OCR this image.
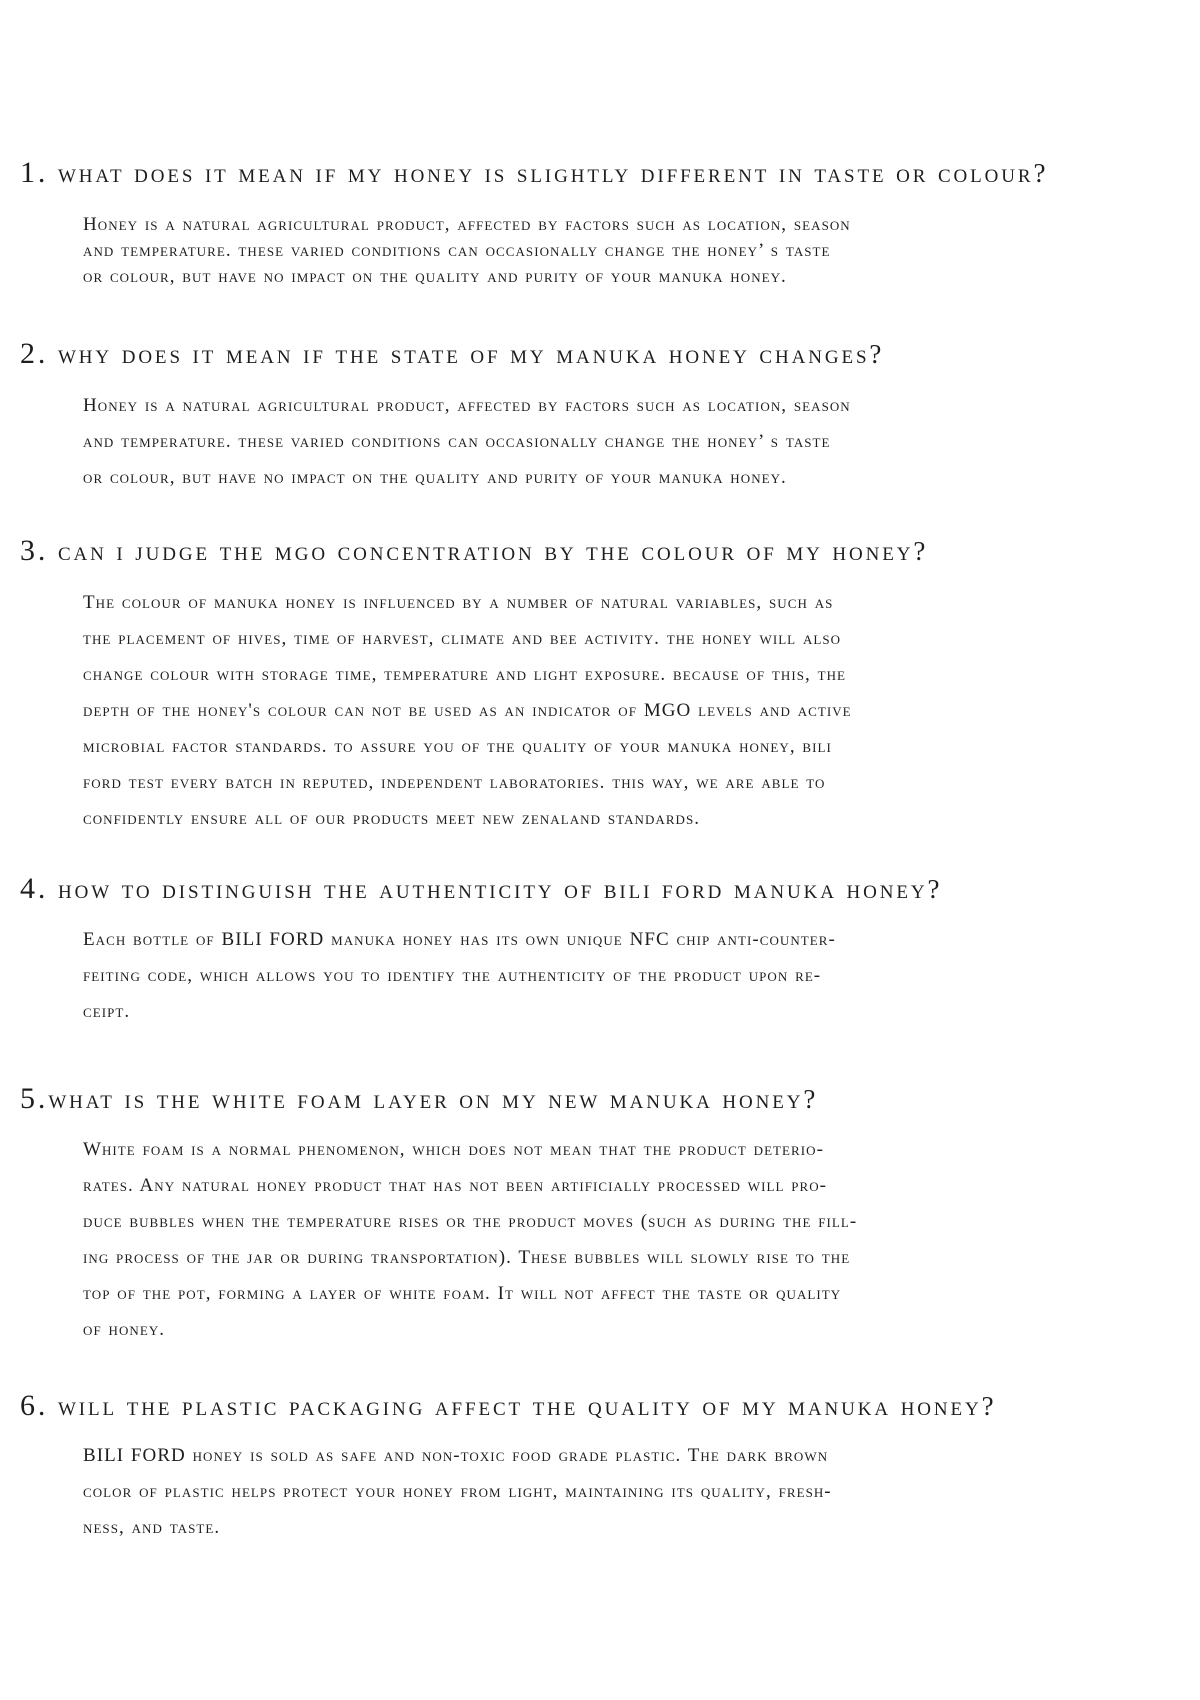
1. what does it mean if my honey is slightly different in taste or colour?

Honey is a natural agricultural product, affected by factors such as location, season
and temperature. these varied conditions can occasionally change the honey’ s taste
or colour, but have no impact on the quality and purity of your manuka honey.

2. why does it mean if the state of my manuka honey changes?

Honey is a natural agricultural product, affected by factors such as location, season
and temperature. these varied conditions can occasionally change the honey’ s taste
or colour, but have no impact on the quality and purity of your manuka honey.

3. can i judge the mgo concentration by the colour of my honey?

The colour of manuka honey is influenced by a number of natural variables, such as
the placement of hives, time of harvest, climate and bee activity. the honey will also
change colour with storage time, temperature and light exposure. because of this, the
depth of the honey's colour can not be used as an indicator of MGO levels and active
microbial factor standards. to assure you of the quality of your manuka honey, bili
ford test every batch in reputed, independent laboratories. this way, we are able to
confidently ensure all of our products meet new zenaland standards.

4. how to distinguish the authenticity of bili ford manuka honey?

Each bottle of BILI FORD manuka honey has its own unique NFC chip anti-counter-
feiting code, which allows you to identify the authenticity of the product upon re-
ceipt.

5.what is the white foam layer on my new manuka honey?

White foam is a normal phenomenon, which does not mean that the product deterio-
rates. Any natural honey product that has not been artificially processed will pro-
duce bubbles when the temperature rises or the product moves (such as during the fill-
ing process of the jar or during transportation). These bubbles will slowly rise to the
top of the pot, forming a layer of white foam. It will not affect the taste or quality
of honey.

6. will the plastic packaging affect the quality of my manuka honey?

BILI FORD honey is sold as safe and non-toxic food grade plastic. The dark brown
color of plastic helps protect your honey from light, maintaining its quality, fresh-
ness, and taste.
